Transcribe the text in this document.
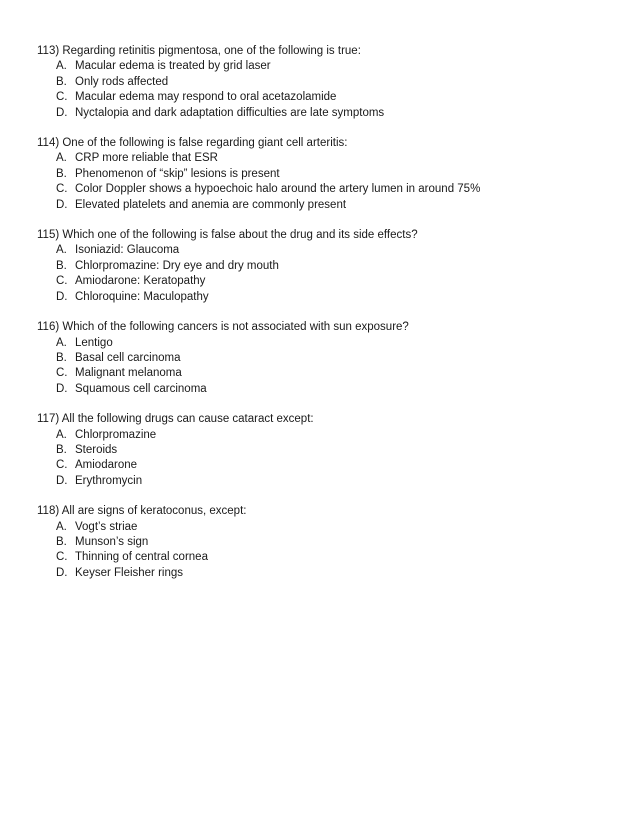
113) Regarding retinitis pigmentosa, one of the following is true:
A. Macular edema is treated by grid laser
B. Only rods affected
C. Macular edema may respond to oral acetazolamide
D. Nyctalopia and dark adaptation difficulties are late symptoms
114) One of the following is false regarding giant cell arteritis:
A. CRP more reliable that ESR
B. Phenomenon of “skip” lesions is present
C. Color Doppler shows a hypoechoic halo around the artery lumen in around 75%
D. Elevated platelets and anemia are commonly present
115) Which one of the following is false about the drug and its side effects?
A. Isoniazid: Glaucoma
B. Chlorpromazine: Dry eye and dry mouth
C. Amiodarone: Keratopathy
D. Chloroquine: Maculopathy
116) Which of the following cancers is not associated with sun exposure?
A. Lentigo
B. Basal cell carcinoma
C. Malignant melanoma
D. Squamous cell carcinoma
117) All the following drugs can cause cataract except:
A. Chlorpromazine
B. Steroids
C. Amiodarone
D. Erythromycin
118) All are signs of keratoconus, except:
A. Vogt’s striae
B. Munson’s sign
C. Thinning of central cornea
D. Keyser Fleisher rings
